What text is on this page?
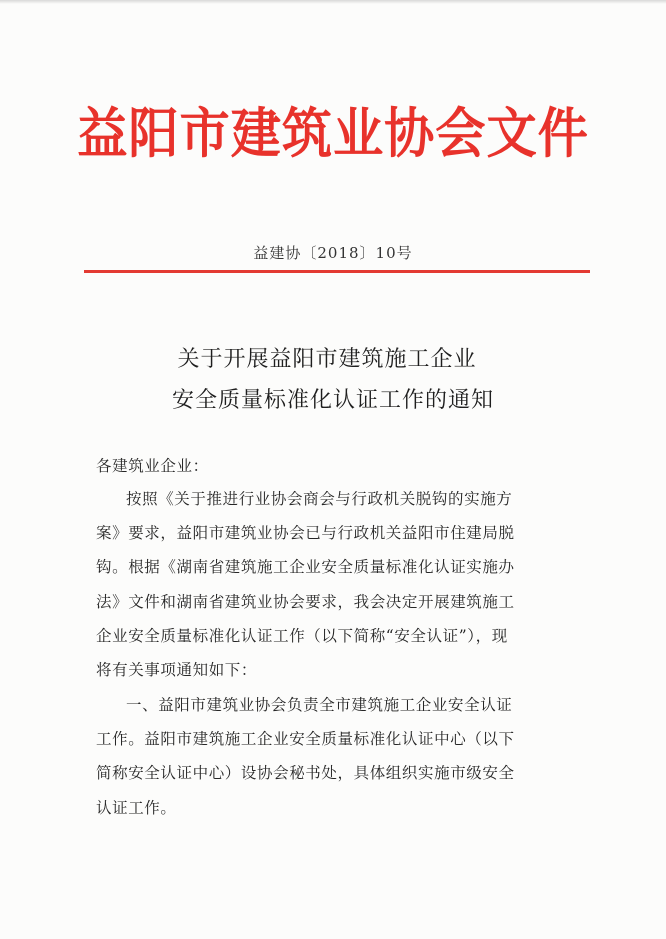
益阳市建筑业协会文件
益建协〔2018〕10号
关于开展益阳市建筑施工企业
安全质量标准化认证工作的通知
各建筑业企业：
按照《关于推进行业协会商会与行政机关脱钩的实施方
案》要求，益阳市建筑业协会已与行政机关益阳市住建局脱
钩。根据《湖南省建筑施工企业安全质量标准化认证实施办
法》文件和湖南省建筑业协会要求，我会决定开展建筑施工
企业安全质量标准化认证工作（以下简称“安全认证”），现
将有关事项通知如下：
一、益阳市建筑业协会负责全市建筑施工企业安全认证
工作。益阳市建筑施工企业安全质量标准化认证中心（以下
简称安全认证中心）设协会秘书处，具体组织实施市级安全
认证工作。
